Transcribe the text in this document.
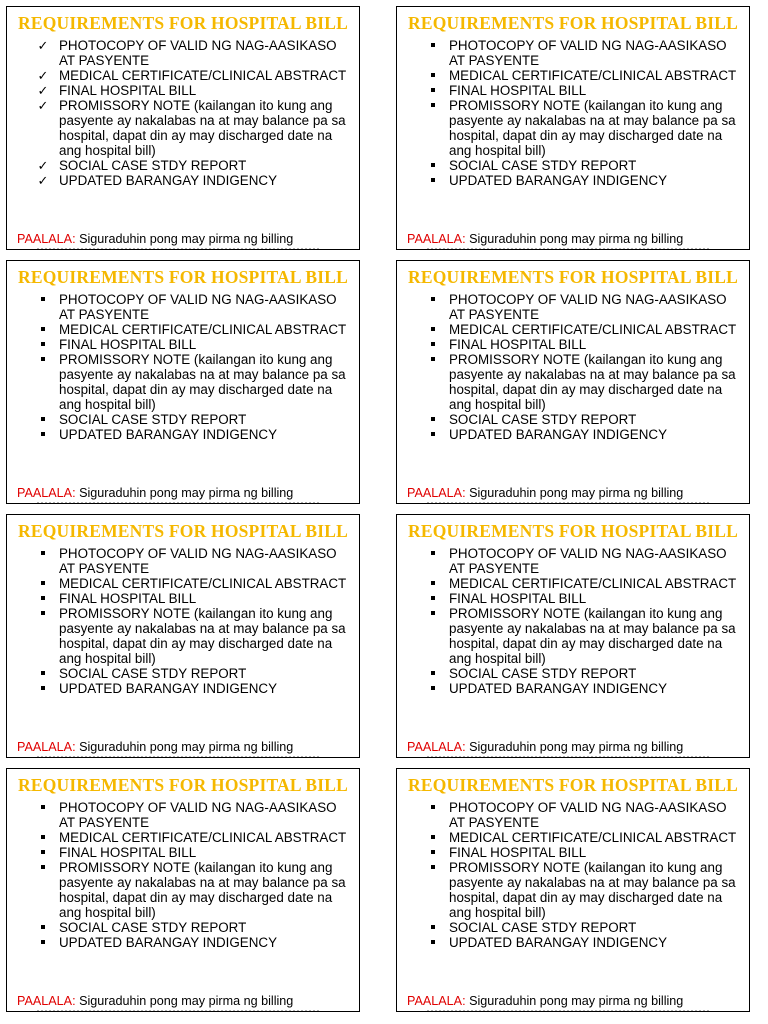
REQUIREMENTS FOR HOSPITAL BILL
✓ PHOTOCOPY OF VALID NG NAG-AASIKASO AT PASYENTE
✓ MEDICAL CERTIFICATE/CLINICAL ABSTRACT
✓ FINAL HOSPITAL BILL
✓ PROMISSORY NOTE (kailangan ito kung ang pasyente ay nakalabas na at may balance pa sa hospital, dapat din ay may discharged date na ang hospital bill)
✓ SOCIAL CASE STDY REPORT
✓ UPDATED BARANGAY INDIGENCY
PAALALA: Siguraduhin pong may pirma ng billing
REQUIREMENTS FOR HOSPITAL BILL
PHOTOCOPY OF VALID NG NAG-AASIKASO AT PASYENTE
MEDICAL CERTIFICATE/CLINICAL ABSTRACT
FINAL HOSPITAL BILL
PROMISSORY NOTE (kailangan ito kung ang pasyente ay nakalabas na at may balance pa sa hospital, dapat din ay may discharged date na ang hospital bill)
SOCIAL CASE STDY REPORT
UPDATED BARANGAY INDIGENCY
PAALALA: Siguraduhin pong may pirma ng billing
REQUIREMENTS FOR HOSPITAL BILL
PHOTOCOPY OF VALID NG NAG-AASIKASO AT PASYENTE
MEDICAL CERTIFICATE/CLINICAL ABSTRACT
FINAL HOSPITAL BILL
PROMISSORY NOTE (kailangan ito kung ang pasyente ay nakalabas na at may balance pa sa hospital, dapat din ay may discharged date na ang hospital bill)
SOCIAL CASE STDY REPORT
UPDATED BARANGAY INDIGENCY
PAALALA: Siguraduhin pong may pirma ng billing
REQUIREMENTS FOR HOSPITAL BILL
PHOTOCOPY OF VALID NG NAG-AASIKASO AT PASYENTE
MEDICAL CERTIFICATE/CLINICAL ABSTRACT
FINAL HOSPITAL BILL
PROMISSORY NOTE (kailangan ito kung ang pasyente ay nakalabas na at may balance pa sa hospital, dapat din ay may discharged date na ang hospital bill)
SOCIAL CASE STDY REPORT
UPDATED BARANGAY INDIGENCY
PAALALA: Siguraduhin pong may pirma ng billing
REQUIREMENTS FOR HOSPITAL BILL
PHOTOCOPY OF VALID NG NAG-AASIKASO AT PASYENTE
MEDICAL CERTIFICATE/CLINICAL ABSTRACT
FINAL HOSPITAL BILL
PROMISSORY NOTE (kailangan ito kung ang pasyente ay nakalabas na at may balance pa sa hospital, dapat din ay may discharged date na ang hospital bill)
SOCIAL CASE STDY REPORT
UPDATED BARANGAY INDIGENCY
PAALALA: Siguraduhin pong may pirma ng billing
REQUIREMENTS FOR HOSPITAL BILL
PHOTOCOPY OF VALID NG NAG-AASIKASO AT PASYENTE
MEDICAL CERTIFICATE/CLINICAL ABSTRACT
FINAL HOSPITAL BILL
PROMISSORY NOTE (kailangan ito kung ang pasyente ay nakalabas na at may balance pa sa hospital, dapat din ay may discharged date na ang hospital bill)
SOCIAL CASE STDY REPORT
UPDATED BARANGAY INDIGENCY
PAALALA: Siguraduhin pong may pirma ng billing
REQUIREMENTS FOR HOSPITAL BILL
PHOTOCOPY OF VALID NG NAG-AASIKASO AT PASYENTE
MEDICAL CERTIFICATE/CLINICAL ABSTRACT
FINAL HOSPITAL BILL
PROMISSORY NOTE (kailangan ito kung ang pasyente ay nakalabas na at may balance pa sa hospital, dapat din ay may discharged date na ang hospital bill)
SOCIAL CASE STDY REPORT
UPDATED BARANGAY INDIGENCY
PAALALA: Siguraduhin pong may pirma ng billing
REQUIREMENTS FOR HOSPITAL BILL
PHOTOCOPY OF VALID NG NAG-AASIKASO AT PASYENTE
MEDICAL CERTIFICATE/CLINICAL ABSTRACT
FINAL HOSPITAL BILL
PROMISSORY NOTE (kailangan ito kung ang pasyente ay nakalabas na at may balance pa sa hospital, dapat din ay may discharged date na ang hospital bill)
SOCIAL CASE STDY REPORT
UPDATED BARANGAY INDIGENCY
PAALALA: Siguraduhin pong may pirma ng billing
